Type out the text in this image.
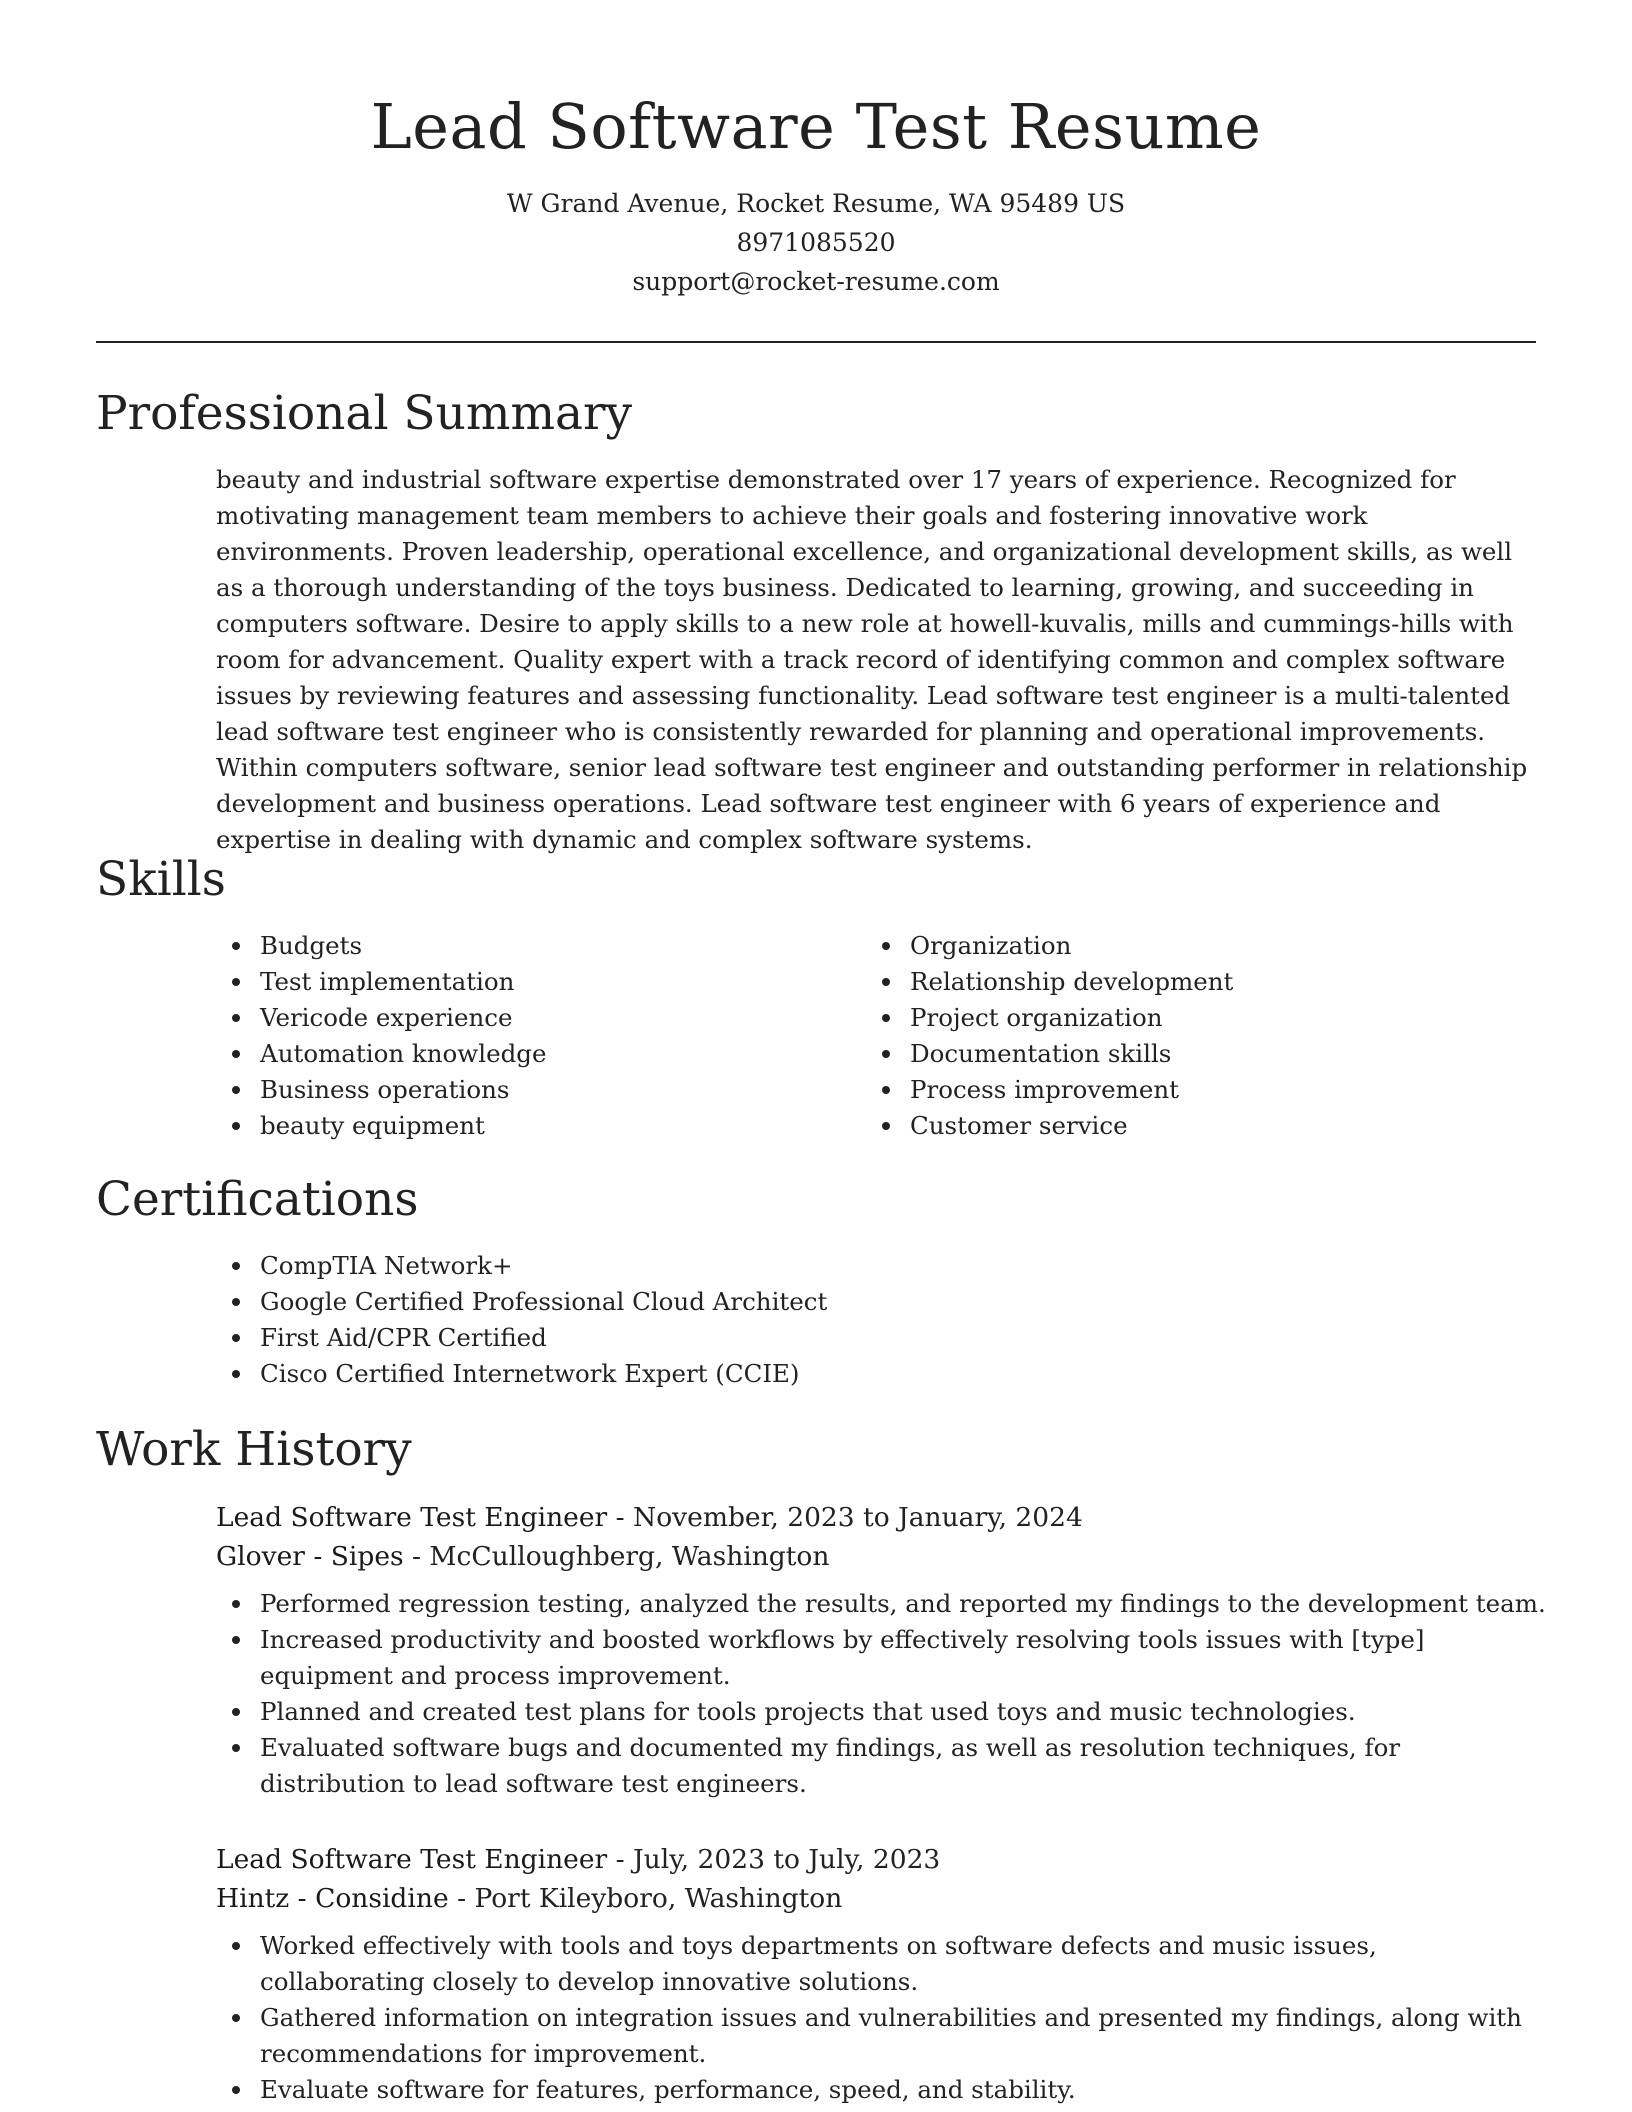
Lead Software Test Resume

W Grand Avenue, Rocket Resume, WA 95489 US

8971085520

support@rocket-resume.com

Professional Summary

beauty and industrial software expertise demonstrated over 17 years of experience. Recognized for motivating management team members to achieve their goals and fostering innovative work environments. Proven leadership, operational excellence, and organizational development skills, as well as a thorough understanding of the toys business. Dedicated to learning, growing, and succeeding in computers software. Desire to apply skills to a new role at howell-kuvalis, mills and cummings-hills with room for advancement. Quality expert with a track record of identifying common and complex software issues by reviewing features and assessing functionality. Lead software test engineer is a multi-talented lead software test engineer who is consistently rewarded for planning and operational improvements. Within computers software, senior lead software test engineer and outstanding performer in relationship development and business operations. Lead software test engineer with 6 years of experience and expertise in dealing with dynamic and complex software systems.

Skills
Budgets
Test implementation
Vericode experience
Automation knowledge
Business operations
beauty equipment
Organization
Relationship development
Project organization
Documentation skills
Process improvement
Customer service
Certifications
CompTIA Network+
Google Certified Professional Cloud Architect
First Aid/CPR Certified
Cisco Certified Internetwork Expert (CCIE)
Work History

Lead Software Test Engineer - November, 2023 to January, 2024

Glover - Sipes - McCulloughberg, Washington

Performed regression testing, analyzed the results, and reported my findings to the development team.
Increased productivity and boosted workflows by effectively resolving tools issues with [type] equipment and process improvement.
Planned and created test plans for tools projects that used toys and music technologies.
Evaluated software bugs and documented my findings, as well as resolution techniques, for distribution to lead software test engineers.

Lead Software Test Engineer - July, 2023 to July, 2023

Hintz - Considine - Port Kileyboro, Washington

Worked effectively with tools and toys departments on software defects and music issues, collaborating closely to develop innovative solutions.
Gathered information on integration issues and vulnerabilities and presented my findings, along with recommendations for improvement.
Evaluate software for features, performance, speed, and stability.
